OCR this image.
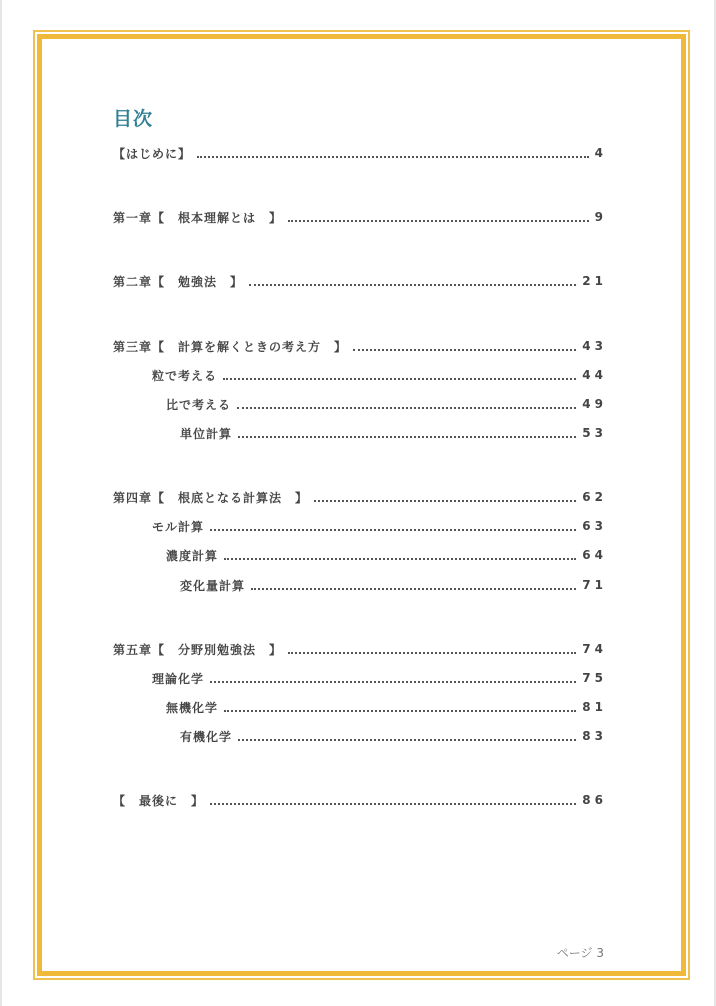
目次
【はじめに】	4
第一章【　根本理解とは　】	9
第二章【　勉強法　】	21
第三章【　計算を解くときの考え方　】	43
粒で考える	44
比で考える	49
単位計算	53
第四章【　根底となる計算法　】	62
モル計算	63
濃度計算	64
変化量計算	71
第五章【　分野別勉強法　】	74
理論化学	75
無機化学	81
有機化学	83
【　最後に　】	86
ページ 3
